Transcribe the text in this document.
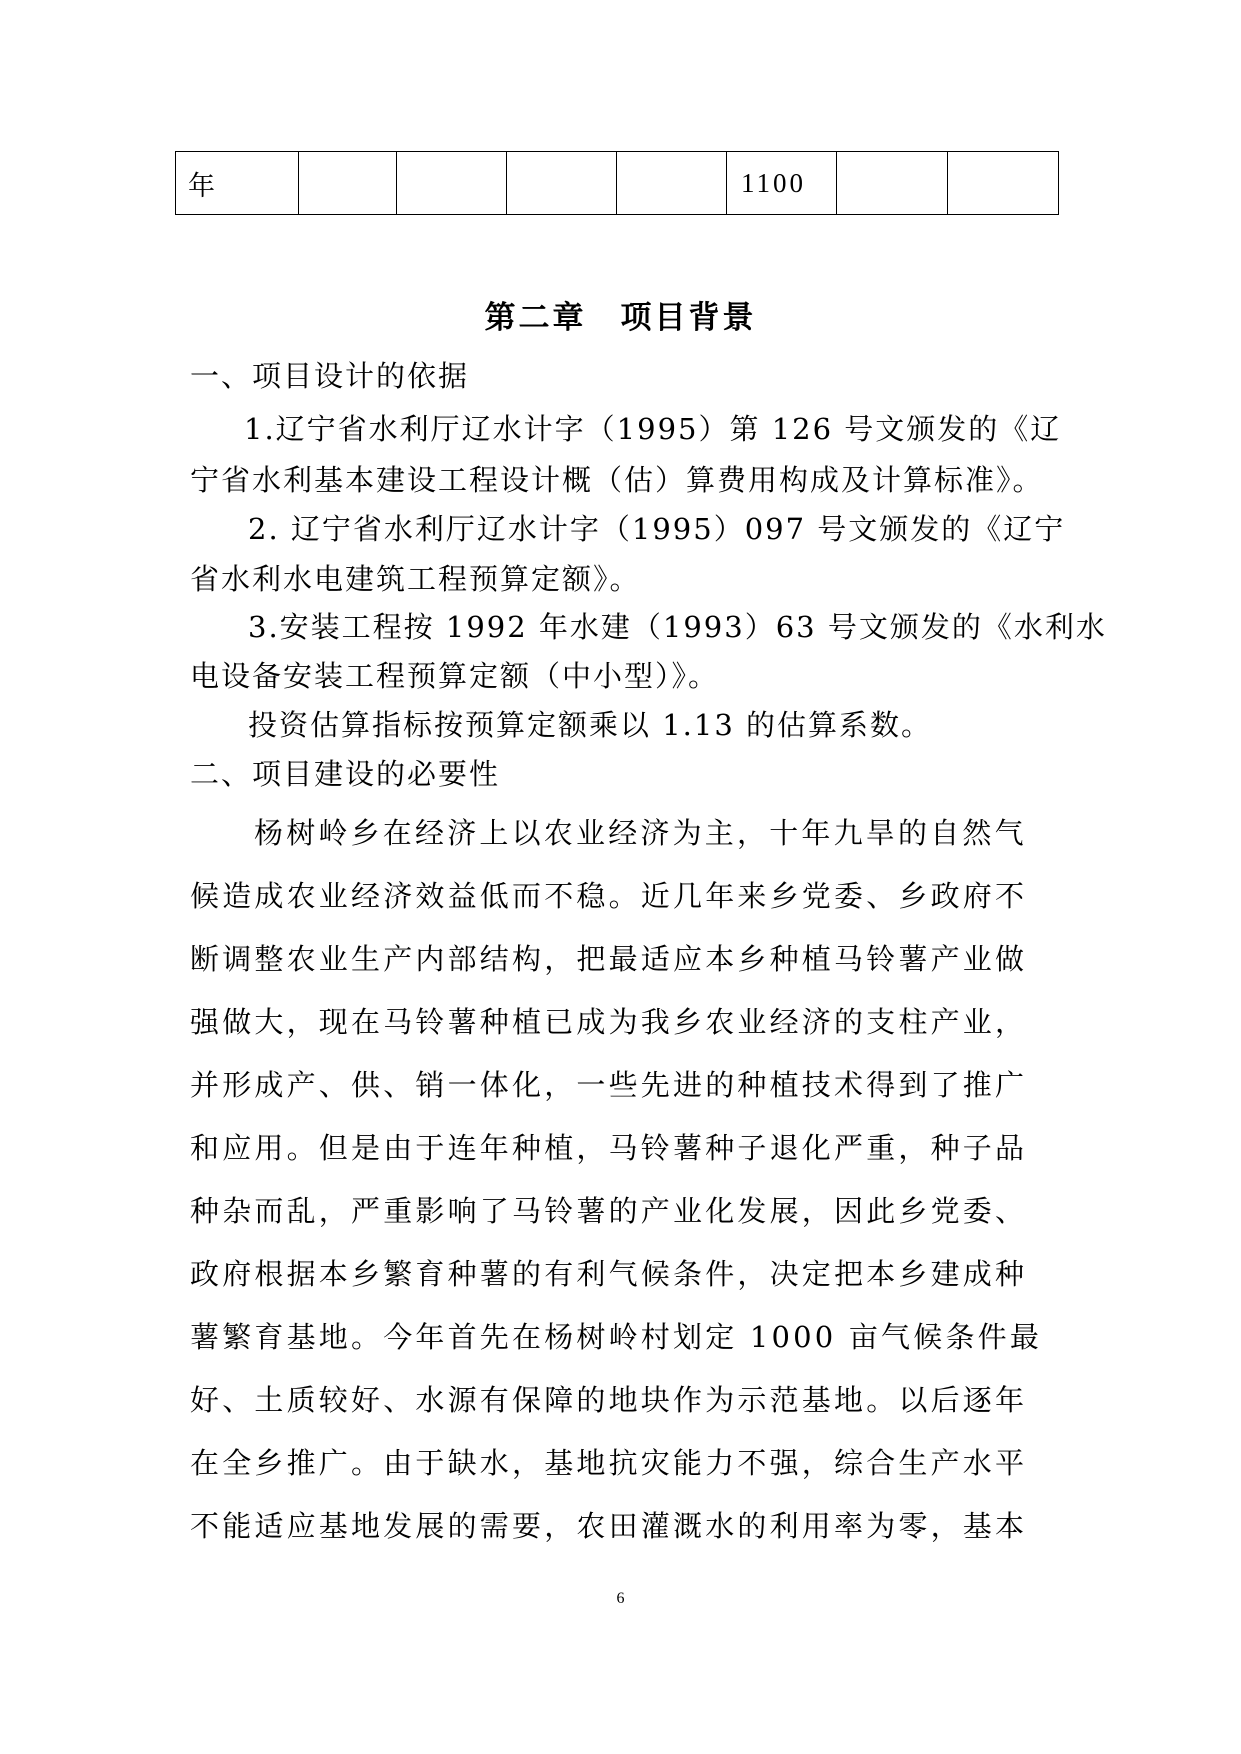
年					1100		
第二章　项目背景
一、项目设计的依据
1.辽宁省水利厅辽水计字（1995）第 126 号文颁发的《辽
宁省水利基本建设工程设计概（估）算费用构成及计算标准》。
2. 辽宁省水利厅辽水计字（1995）097 号文颁发的《辽宁
省水利水电建筑工程预算定额》。
3.安装工程按 1992 年水建（1993）63 号文颁发的《水利水
电设备安装工程预算定额（中小型）》。
投资估算指标按预算定额乘以 1.13 的估算系数。
二、项目建设的必要性
杨树岭乡在经济上以农业经济为主，十年九旱的自然气
候造成农业经济效益低而不稳。近几年来乡党委、乡政府不
断调整农业生产内部结构，把最适应本乡种植马铃薯产业做
强做大，现在马铃薯种植已成为我乡农业经济的支柱产业，
并形成产、供、销一体化，一些先进的种植技术得到了推广
和应用。但是由于连年种植，马铃薯种子退化严重，种子品
种杂而乱，严重影响了马铃薯的产业化发展，因此乡党委、
政府根据本乡繁育种薯的有利气候条件，决定把本乡建成种
薯繁育基地。今年首先在杨树岭村划定 1000 亩气候条件最
好、土质较好、水源有保障的地块作为示范基地。以后逐年
在全乡推广。由于缺水，基地抗灾能力不强，综合生产水平
不能适应基地发展的需要，农田灌溉水的利用率为零，基本
6
